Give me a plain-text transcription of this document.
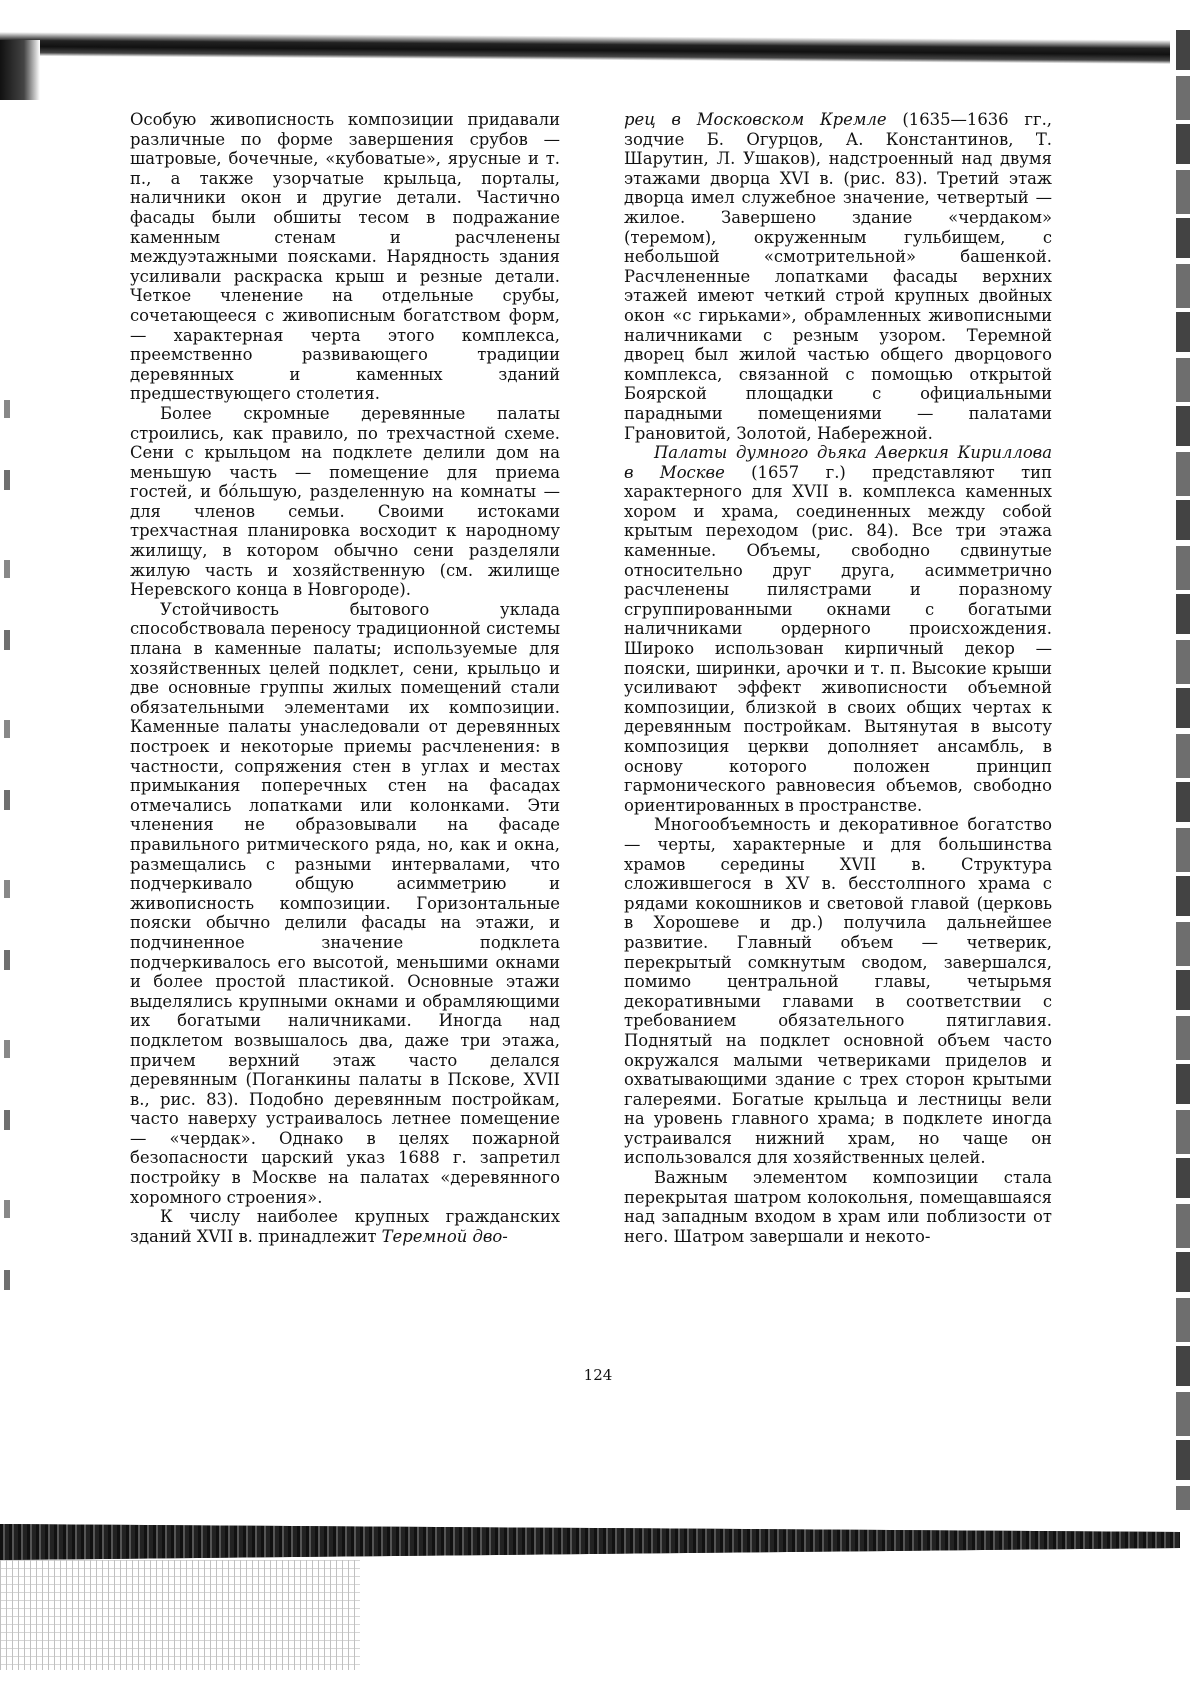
Особую живописность композиции придавали различные по форме завершения срубов — шатровые, бочечные, «кубоватые», ярусные и т. п., а также узорчатые крыльца, порталы, наличники окон и другие детали. Частично фасады были обшиты тесом в подражание каменным стенам и расчленены междуэтажными поясками. Нарядность здания усиливали раскраска крыш и резные детали. Четкое членение на отдельные срубы, сочетающееся с живописным богатством форм, — характерная черта этого комплекса, преемственно развивающего традиции деревянных и каменных зданий предшествующего столетия.

Более скромные деревянные палаты строились, как правило, по трехчастной схеме. Сени с крыльцом на подклете делили дом на меньшую часть — помещение для приема гостей, и бо́льшую, разделенную на комнаты — для членов семьи. Своими истоками трехчастная планировка восходит к народному жилищу, в котором обычно сени разделяли жилую часть и хозяйственную (см. жилище Неревского конца в Новгороде).

Устойчивость бытового уклада способствовала переносу традиционной системы плана в каменные палаты; используемые для хозяйственных целей подклет, сени, крыльцо и две основные группы жилых помещений стали обязательными элементами их композиции. Каменные палаты унаследовали от деревянных построек и некоторые приемы расчленения: в частности, сопряжения стен в углах и местах примыкания поперечных стен на фасадах отмечались лопатками или колонками. Эти членения не образовывали на фасаде правильного ритмического ряда, но, как и окна, размещались с разными интервалами, что подчеркивало общую асимметрию и живописность композиции. Горизонтальные пояски обычно делили фасады на этажи, и подчиненное значение подклета подчеркивалось его высотой, меньшими окнами и более простой пластикой. Основные этажи выделялись крупными окнами и обрамляющими их богатыми наличниками. Иногда над подклетом возвышалось два, даже три этажа, причем верхний этаж часто делался деревянным (Поганкины палаты в Пскове, XVII в., рис. 83). Подобно деревянным постройкам, часто наверху устраивалось летнее помещение — «чердак». Однако в целях пожарной безопасности царский указ 1688 г. запретил постройку в Москве на палатах «деревянного хоромного строения».

К числу наиболее крупных гражданских зданий XVII в. принадлежит Теремной дво-

рец в Московском Кремле (1635—1636 гг., зодчие Б. Огурцов, А. Константинов, Т. Шарутин, Л. Ушаков), надстроенный над двумя этажами дворца XVI в. (рис. 83). Третий этаж дворца имел служебное значение, четвертый — жилое. Завершено здание «чердаком» (теремом), окруженным гульбищем, с небольшой «смотрительной» башенкой. Расчлененные лопатками фасады верхних этажей имеют четкий строй крупных двойных окон «с гирьками», обрамленных живописными наличниками с резным узором. Теремной дворец был жилой частью общего дворцового комплекса, связанной с помощью открытой Боярской площадки с официальными парадными помещениями — палатами Грановитой, Золотой, Набережной.

Палаты думного дьяка Аверкия Кириллова в Москве (1657 г.) представляют тип характерного для XVII в. комплекса каменных хором и храма, соединенных между собой крытым переходом (рис. 84). Все три этажа каменные. Объемы, свободно сдвинутые относительно друг друга, асимметрично расчленены пилястрами и поразному сгруппированными окнами с богатыми наличниками ордерного происхождения. Широко использован кирпичный декор — пояски, ширинки, арочки и т. п. Высокие крыши усиливают эффект живописности объемной композиции, близкой в своих общих чертах к деревянным постройкам. Вытянутая в высоту композиция церкви дополняет ансамбль, в основу которого положен принцип гармонического равновесия объемов, свободно ориентированных в пространстве.

Многообъемность и декоративное богатство — черты, характерные и для большинства храмов середины XVII в. Структура сложившегося в XV в. бесстолпного храма с рядами кокошников и световой главой (церковь в Хорошеве и др.) получила дальнейшее развитие. Главный объем — четверик, перекрытый сомкнутым сводом, завершался, помимо центральной главы, четырьмя декоративными главами в соответствии с требованием обязательного пятиглавия. Поднятый на подклет основной объем часто окружался малыми четвериками приделов и охватывающими здание с трех сторон крытыми галереями. Богатые крыльца и лестницы вели на уровень главного храма; в подклете иногда устраивался нижний храм, но чаще он использовался для хозяйственных целей.

Важным элементом композиции стала перекрытая шатром колокольня, помещавшаяся над западным входом в храм или поблизости от него. Шатром завершали и некото-

124
